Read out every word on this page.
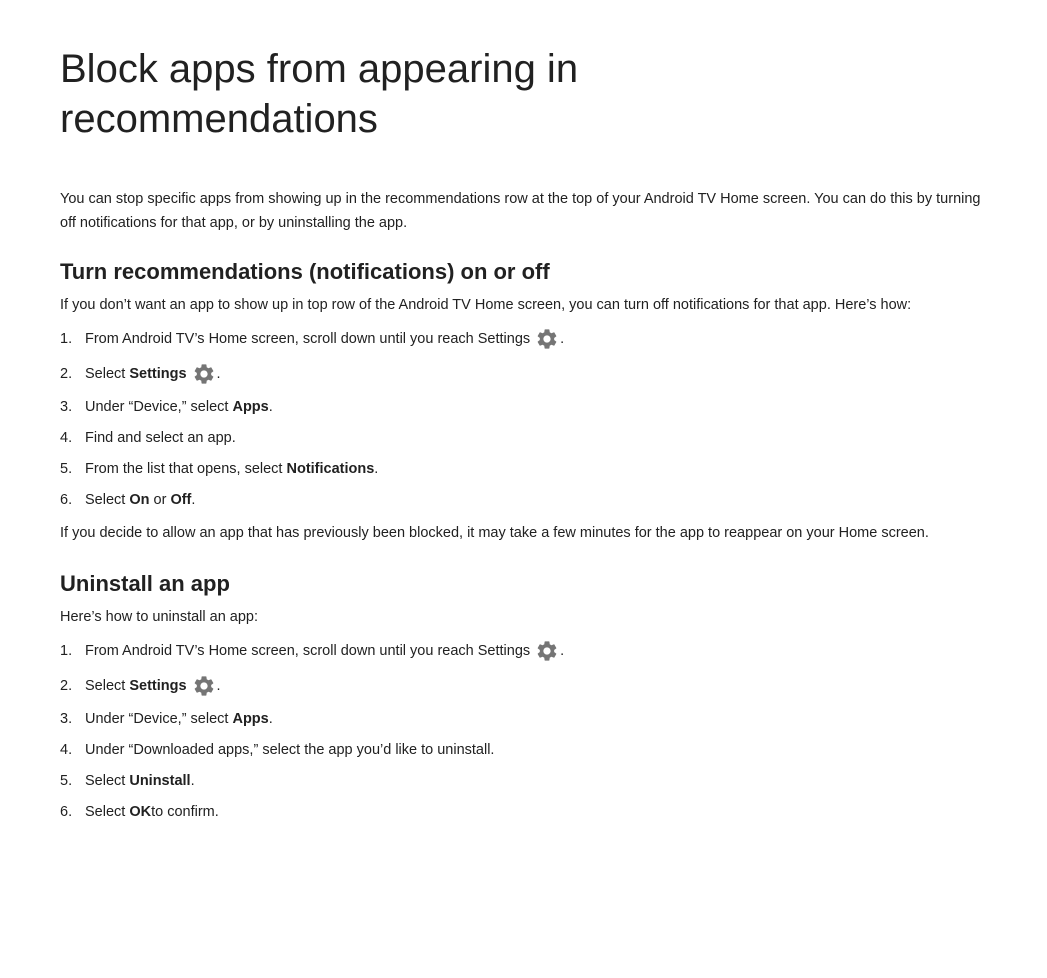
Block apps from appearing in recommendations

You can stop specific apps from showing up in the recommendations row at the top of your Android TV Home screen. You can do this by turning off notifications for that app, or by uninstalling the app.

Turn recommendations (notifications) on or off

If you don’t want an app to show up in top row of the Android TV Home screen, you can turn off notifications for that app. Here’s how:

1. From Android TV’s Home screen, scroll down until you reach Settings .
2. Select
Settings .
3. Under “Device,” select
Apps .
4. Find and select an app.
5. From the list that opens, select
Notifications .
6. Select
On
or
Off .

If you decide to allow an app that has previously been blocked, it may take a few minutes for the app to reappear on your Home screen.

Uninstall an app

Here’s how to uninstall an app:

1. From Android TV’s Home screen, scroll down until you reach Settings .
2. Select
Settings .
3. Under “Device,” select
Apps .
4. Under “Downloaded apps,” select the app you’d like to uninstall.
5. Select
Uninstall .
6. Select
OK to confirm.
